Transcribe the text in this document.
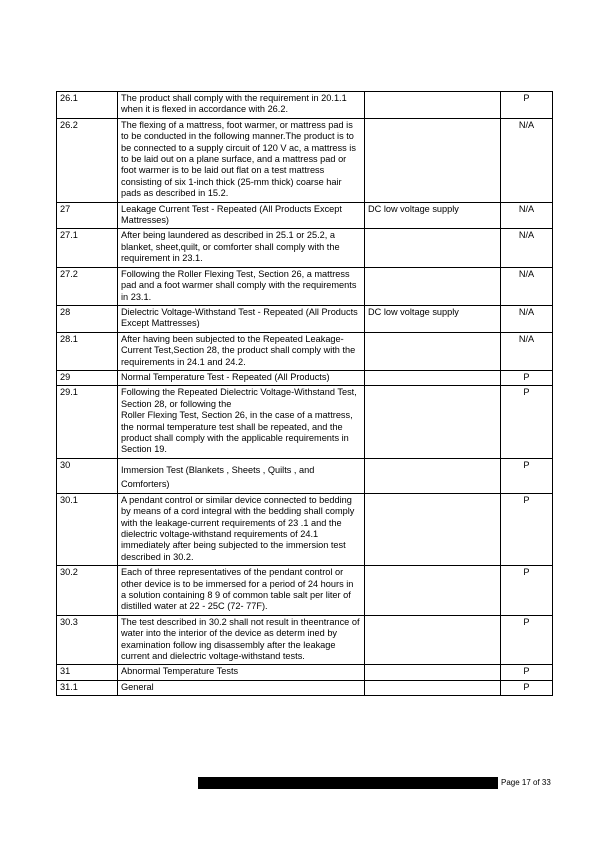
26.1	The product shall comply with the requirement in 20.1.1 when it is flexed in accordance with 26.2.		P
26.2	The flexing of a mattress, foot warmer, or mattress pad is to be conducted in the following manner.The product is to be connected to a supply circuit of 120 V ac, a mattress is to be laid out on a plane surface, and a mattress pad or foot warmer is to be laid out flat on a test mattress consisting of six 1-inch thick (25-mm thick) coarse hair pads as described in 15.2.		N/A
27	Leakage Current Test - Repeated (All Products Except Mattresses)	DC low voltage supply	N/A
27.1	After being laundered as described in 25.1 or 25.2, a blanket, sheet,quilt, or comforter shall comply with the requirement in 23.1.		N/A
27.2	Following the Roller Flexing Test, Section 26, a mattress pad and a foot warmer shall comply with the requirements in 23.1.		N/A
28	Dielectric Voltage-Withstand Test - Repeated (All Products Except Mattresses)	DC low voltage supply	N/A
28.1	After having been subjected to the Repeated Leakage-Current Test,Section 28, the product shall comply with the requirements in 24.1 and 24.2.		N/A
29	Normal Temperature Test - Repeated (All Products)		P
29.1	Following the Repeated Dielectric Voltage-Withstand Test, Section 28, or following the
Roller Flexing Test, Section 26, in the case of a mattress, the normal temperature test shall be repeated, and the product shall comply with the applicable requirements in Section 19.		P
30	Immersion Test (Blankets , Sheets , Quilts , and Comforters)		P
30.1	A pendant control or similar device connected to bedding by means of a cord integral with the bedding shall comply with the leakage-current requirements of 23 .1 and the dielectric voltage-withstand requirements of 24.1 immediately after being subjected to the immersion test described in 30.2.		P
30.2	Each of three representatives of the pendant control or other device is to be immersed for a period of 24 hours in a solution containing 8 9 of common table salt per liter of distilled water at 22 - 25C (72- 77F).		P
30.3	The test described in 30.2 shall not result in theentrance of water into the interior of the device as determ ined by examination follow ing disassembly after the leakage current and dielectric voltage-withstand tests.		P
31	Abnormal Temperature Tests		P
31.1	General		P
Page 17 of 33
